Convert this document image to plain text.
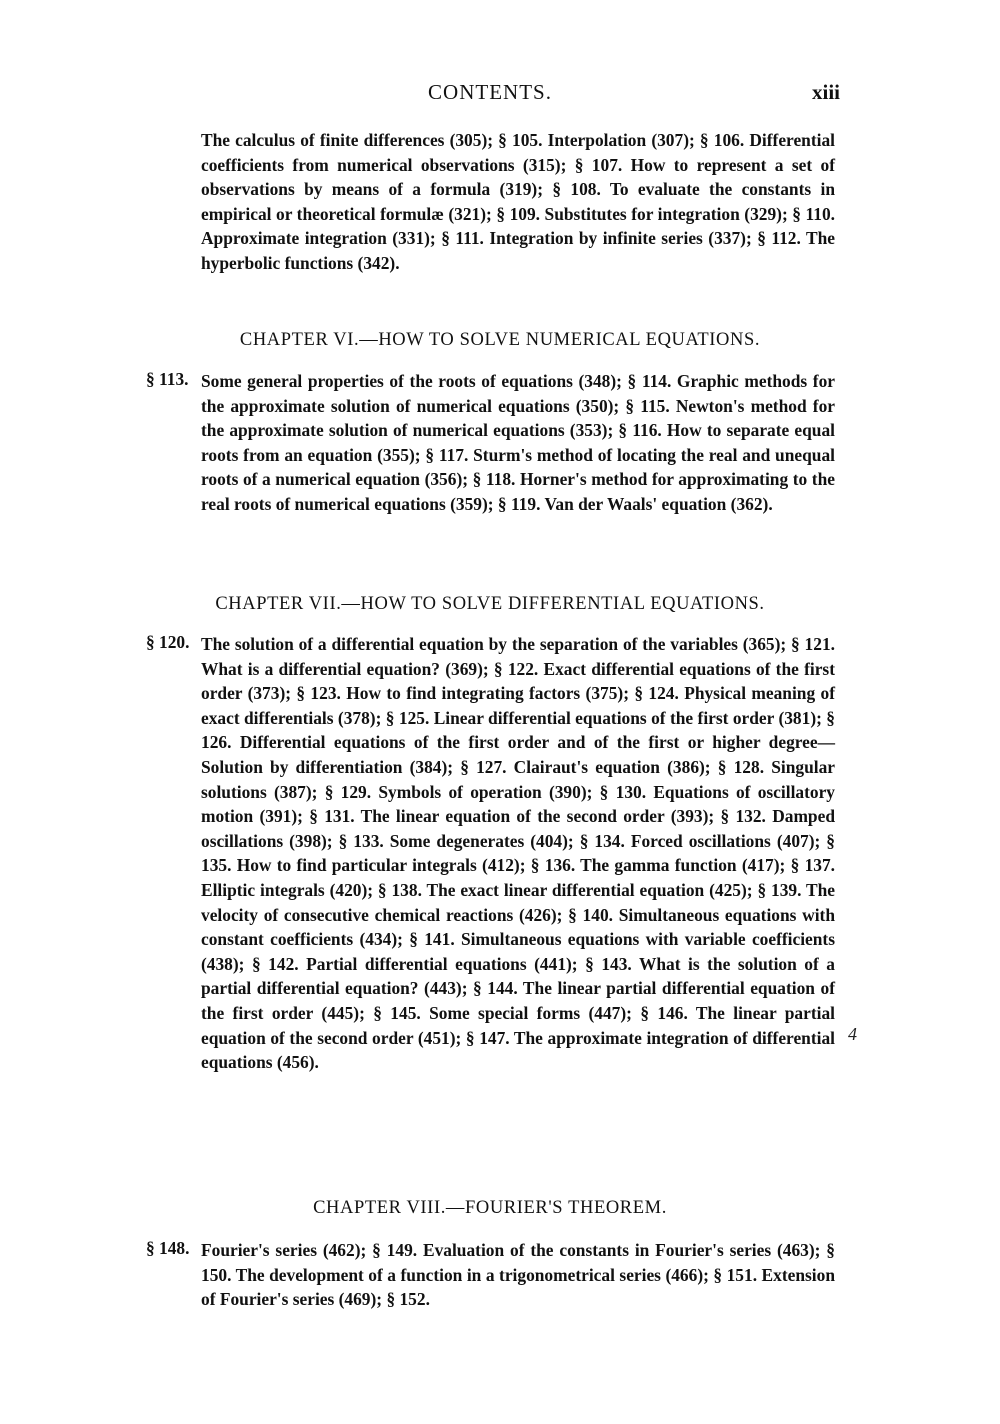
CONTENTS.	xiii
The calculus of finite differences (305); § 105. Interpolation (307); § 106. Differential coefficients from numerical observations (315); § 107. How to represent a set of observations by means of a formula (319); § 108. To evaluate the constants in empirical or theoretical formulæ (321); § 109. Substitutes for integration (329); § 110. Approximate integration (331); § 111. Integration by infinite series (337); § 112. The hyperbolic functions (342).
CHAPTER VI.—HOW TO SOLVE NUMERICAL EQUATIONS.
§ 113. Some general properties of the roots of equations (348); § 114. Graphic methods for the approximate solution of numerical equations (350); § 115. Newton's method for the approximate solution of numerical equations (353); § 116. How to separate equal roots from an equation (355); § 117. Sturm's method of locating the real and unequal roots of a numerical equation (356); § 118. Horner's method for approximating to the real roots of numerical equations (359); § 119. Van der Waals' equation (362).
CHAPTER VII.—HOW TO SOLVE DIFFERENTIAL EQUATIONS.
§ 120. The solution of a differential equation by the separation of the variables (365); § 121. What is a differential equation? (369); § 122. Exact differential equations of the first order (373); § 123. How to find integrating factors (375); § 124. Physical meaning of exact differentials (378); § 125. Linear differential equations of the first order (381); § 126. Differential equations of the first order and of the first or higher degree—Solution by differentiation (384); § 127. Clairaut's equation (386); § 128. Singular solutions (387); § 129. Symbols of operation (390); § 130. Equations of oscillatory motion (391); § 131. The linear equation of the second order (393); § 132. Damped oscillations (398); § 133. Some degenerates (404); § 134. Forced oscillations (407); § 135. How to find particular integrals (412); § 136. The gamma function (417); § 137. Elliptic integrals (420); § 138. The exact linear differential equation (425); § 139. The velocity of consecutive chemical reactions (426); § 140. Simultaneous equations with constant coefficients (434); § 141. Simultaneous equations with variable coefficients (438); § 142. Partial differential equations (441); § 143. What is the solution of a partial differential equation? (443); § 144. The linear partial differential equation of the first order (445); § 145. Some special forms (447); § 146. The linear partial equation of the second order (451); § 147. The approximate integration of differential equations (456).
4
CHAPTER VIII.—FOURIER'S THEOREM.
§ 148. Fourier's series (462); § 149. Evaluation of the constants in Fourier's series (463); § 150. The development of a function in a trigonometrical series (466); § 151. Extension of Fourier's series (469); § 152.
